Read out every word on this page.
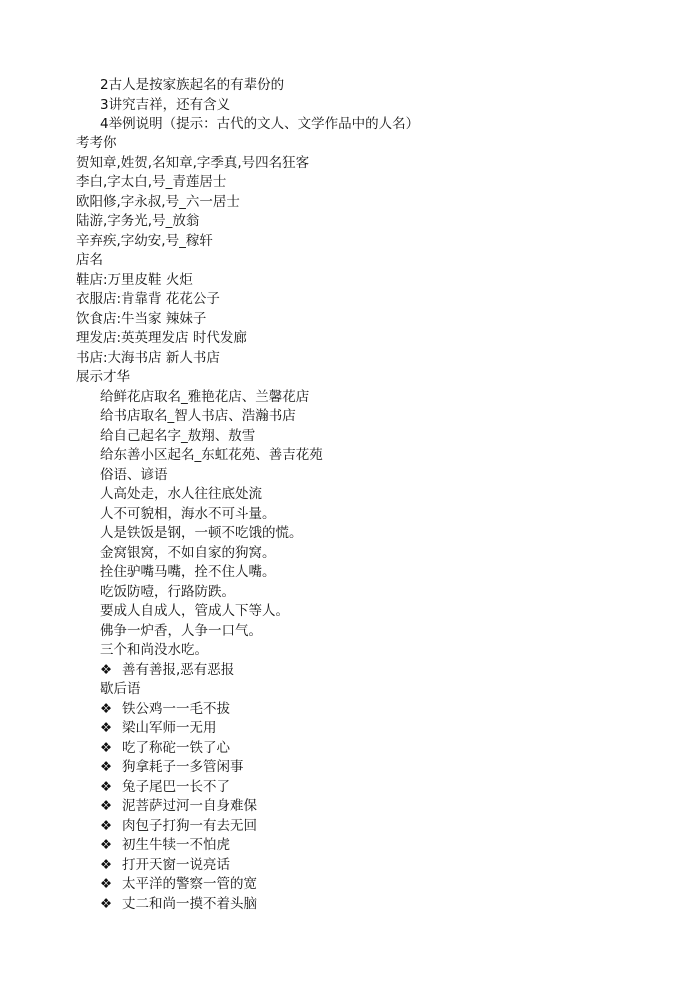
2古人是按家族起名的有辈份的
3讲究吉祥，还有含义
4举例说明（提示：古代的文人、文学作品中的人名）
考考你
贺知章,姓贺,名知章,字季真,号四名狂客
李白,字太白,号_青莲居士
欧阳修,字永叔,号_六一居士
陆游,字务光,号_放翁
辛弃疾,字幼安,号_稼轩
店名
鞋店:万里皮鞋 火炬
衣服店:肯靠背 花花公子
饮食店:牛当家 辣妹子
理发店:英英理发店 时代发廊
书店:大海书店 新人书店
展示才华
给鲜花店取名_雅艳花店、兰馨花店
给书店取名_智人书店、浩瀚书店
给自己起名字_敖翔、敖雪
给东善小区起名_东虹花苑、善吉花苑
俗语、谚语
人高处走，水人往往底处流
人不可貌相，海水不可斗量。
人是铁饭是钢，一顿不吃饿的慌。
金窝银窝，不如自家的狗窝。
拴住驴嘴马嘴，拴不住人嘴。
吃饭防噎，行路防跌。
要成人自成人，管成人下等人。
佛争一炉香，人争一口气。
三个和尚没水吃。
❖ 善有善报,恶有恶报
歇后语
❖ 铁公鸡一一毛不拔
❖ 梁山军师一无用
❖ 吃了称砣一铁了心
❖ 狗拿耗子一多管闲事
❖ 兔子尾巴一长不了
❖ 泥菩萨过河一自身难保
❖ 肉包子打狗一有去无回
❖ 初生牛犊一不怕虎
❖ 打开天窗一说亮话
❖ 太平洋的警察一管的宽
❖ 丈二和尚一摸不着头脑
